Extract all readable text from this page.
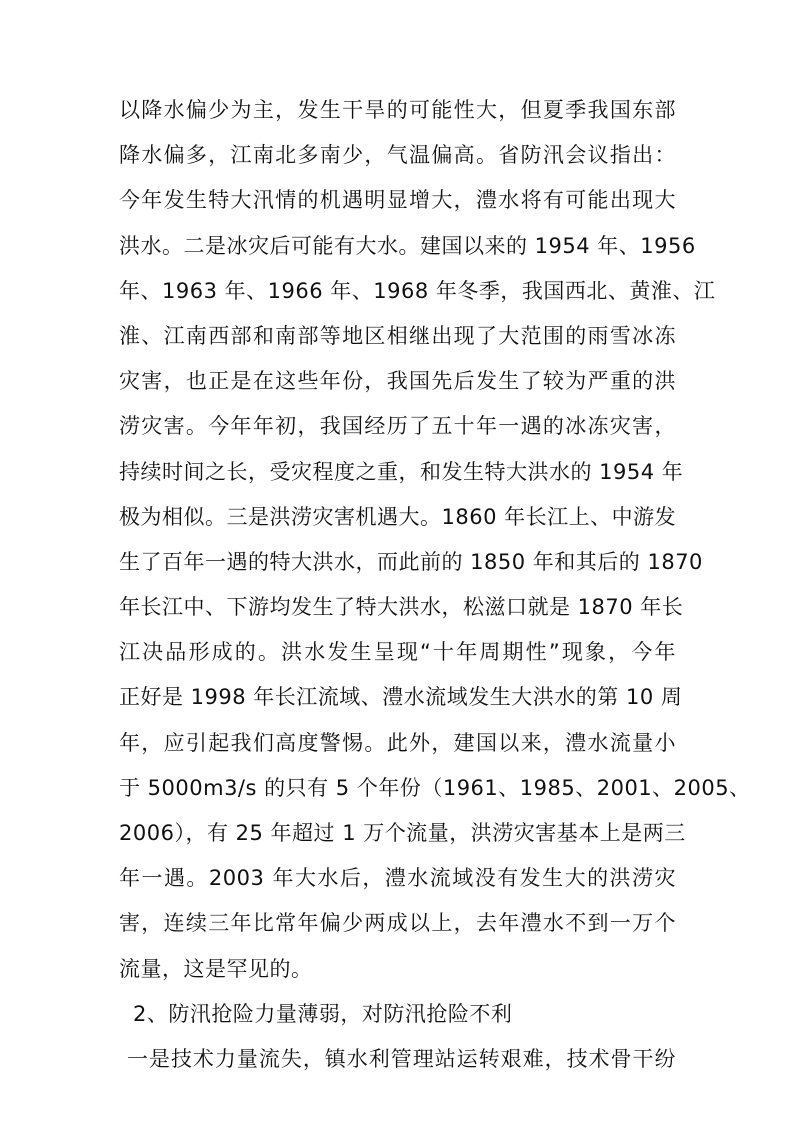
以降水偏少为主，发生干旱的可能性大，但夏季我国东部
降水偏多，江南北多南少，气温偏高。省防汛会议指出：
今年发生特大汛情的机遇明显增大，澧水将有可能出现大
洪水。二是冰灾后可能有大水。建国以来的 1954 年、1956
年、1963 年、1966 年、1968 年冬季，我国西北、黄淮、江
淮、江南西部和南部等地区相继出现了大范围的雨雪冰冻
灾害，也正是在这些年份，我国先后发生了较为严重的洪
涝灾害。今年年初，我国经历了五十年一遇的冰冻灾害，
持续时间之长，受灾程度之重，和发生特大洪水的 1954 年
极为相似。三是洪涝灾害机遇大。1860 年长江上、中游发
生了百年一遇的特大洪水，而此前的 1850 年和其后的 1870
年长江中、下游均发生了特大洪水，松滋口就是 1870 年长
江决品形成的。洪水发生呈现“十年周期性”现象，今年
正好是 1998 年长江流域、澧水流域发生大洪水的第 10 周
年，应引起我们高度警惕。此外，建国以来，澧水流量小
于 5000m3/s 的只有 5 个年份（1961、1985、2001、2005、
2006），有 25 年超过 1 万个流量，洪涝灾害基本上是两三
年一遇。2003 年大水后，澧水流域没有发生大的洪涝灾
害，连续三年比常年偏少两成以上，去年澧水不到一万个
流量，这是罕见的。
2、防汛抢险力量薄弱，对防汛抢险不利
一是技术力量流失，镇水利管理站运转艰难，技术骨干纷
